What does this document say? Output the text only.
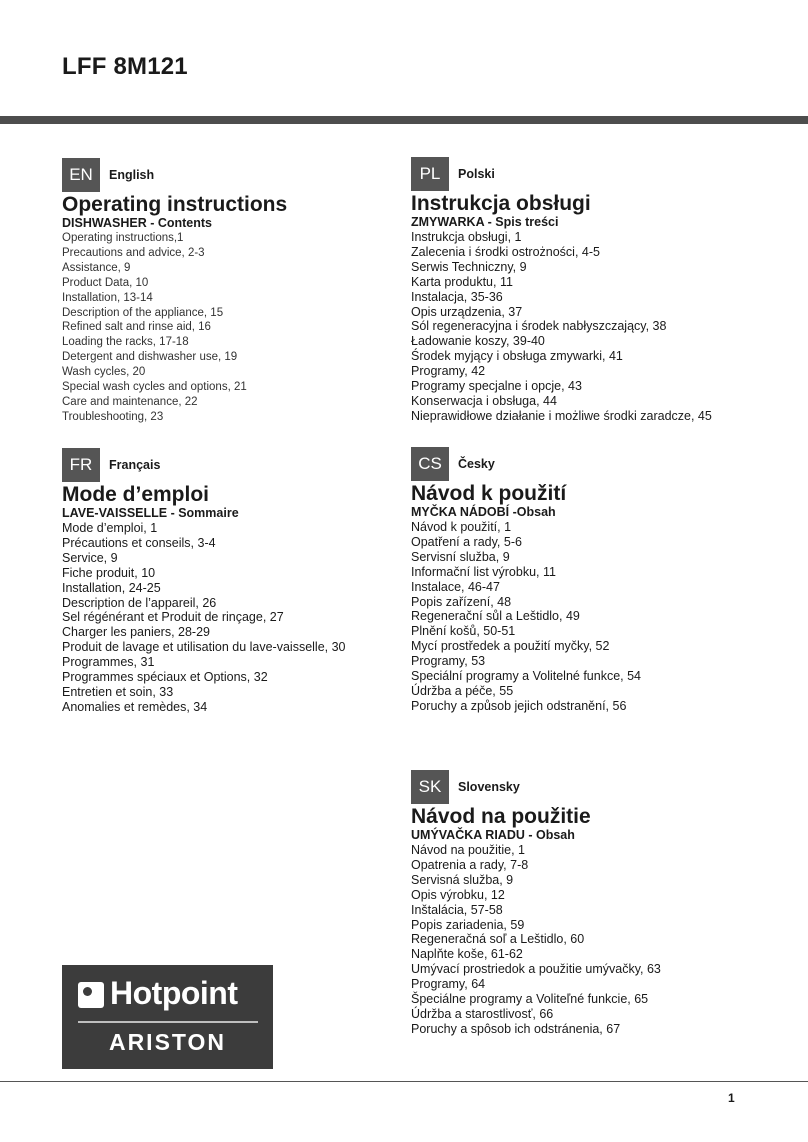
LFF 8M121
EN	English
Operating instructions
DISHWASHER - Contents
Operating instructions,1
Precautions and advice, 2-3
Assistance, 9
Product Data, 10
Installation, 13-14
Description of the appliance, 15
Refined salt and rinse aid, 16
Loading the racks, 17-18
Detergent and dishwasher use, 19
Wash cycles, 20
Special wash cycles and options, 21
Care and maintenance, 22
Troubleshooting, 23
FR	Français
Mode d’emploi
LAVE-VAISSELLE - Sommaire
Mode d’emploi, 1
Précautions et conseils, 3-4
Service, 9
Fiche produit, 10
Installation, 24-25
Description de l’appareil, 26
Sel régénérant et Produit de rinçage, 27
Charger les paniers, 28-29
Produit de lavage et utilisation du lave-vaisselle, 30
Programmes, 31
Programmes spéciaux et Options, 32
Entretien et soin, 33
Anomalies et remèdes, 34
PL	Polski
Instrukcja obsługi
ZMYWARKA - Spis treści
Instrukcja obsługi, 1
Zalecenia i środki ostrożności, 4-5
Serwis Techniczny, 9
Karta produktu, 11
Instalacja, 35-36
Opis urządzenia, 37
Sól regeneracyjna i środek nabłyszczający, 38
Ładowanie koszy, 39-40
Środek myjący i obsługa zmywarki, 41
Programy, 42
Programy specjalne i opcje, 43
Konserwacja i obsługa, 44
Nieprawidłowe działanie i możliwe środki zaradcze, 45
CS	Česky
Návod k použití
MYČKA NÁDOBÍ -Obsah
Návod k použití, 1
Opatření a rady, 5-6
Servisní služba, 9
Informační list výrobku, 11
Instalace, 46-47
Popis zařízení, 48
Regenerační sůl a Leštidlo, 49
Plnění košů, 50-51
Mycí prostředek a použití myčky, 52
Programy, 53
Speciální programy a Volitelné funkce, 54
Údržba a péče, 55
Poruchy a způsob jejich odstranění, 56
SK	Slovensky
Návod na použitie
UMÝVAČKA RIADU - Obsah
Návod na použitie, 1
Opatrenia a rady, 7-8
Servisná služba, 9
Opis výrobku, 12
Inštalácia, 57-58
Popis zariadenia, 59
Regeneračná soľ a Leštidlo, 60
Naplňte koše, 61-62
Umývací prostriedok a použitie umývačky, 63
Programy, 64
Špeciálne programy a Voliteľné funkcie, 65
Údržba a starostlivosť, 66
Poruchy a spôsob ich odstránenia, 67
Hotpoint
ARISTON
1
